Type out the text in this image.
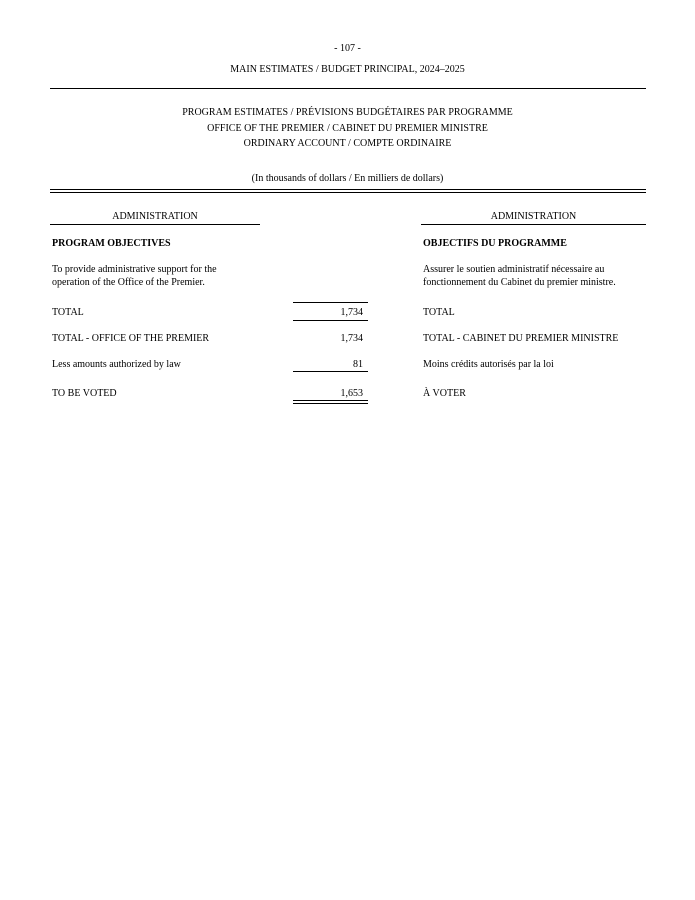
- 107 -
MAIN ESTIMATES / BUDGET PRINCIPAL, 2024–2025
PROGRAM ESTIMATES / PRÉVISIONS BUDGÉTAIRES PAR PROGRAMME
OFFICE OF THE PREMIER / CABINET DU PREMIER MINISTRE
ORDINARY ACCOUNT / COMPTE ORDINAIRE
(In thousands of dollars / En milliers de dollars)
ADMINISTRATION
PROGRAM OBJECTIVES
To provide administrative support for the
operation of the Office of the Premier.
TOTAL
TOTAL - OFFICE OF THE PREMIER
Less amounts authorized by law
TO BE VOTED
1,734
1,734
81
1,653
ADMINISTRATION
OBJECTIFS DU PROGRAMME
Assurer le soutien administratif nécessaire au
fonctionnement du Cabinet du premier ministre.
TOTAL
TOTAL - CABINET DU PREMIER MINISTRE
Moins crédits autorisés par la loi
À VOTER
